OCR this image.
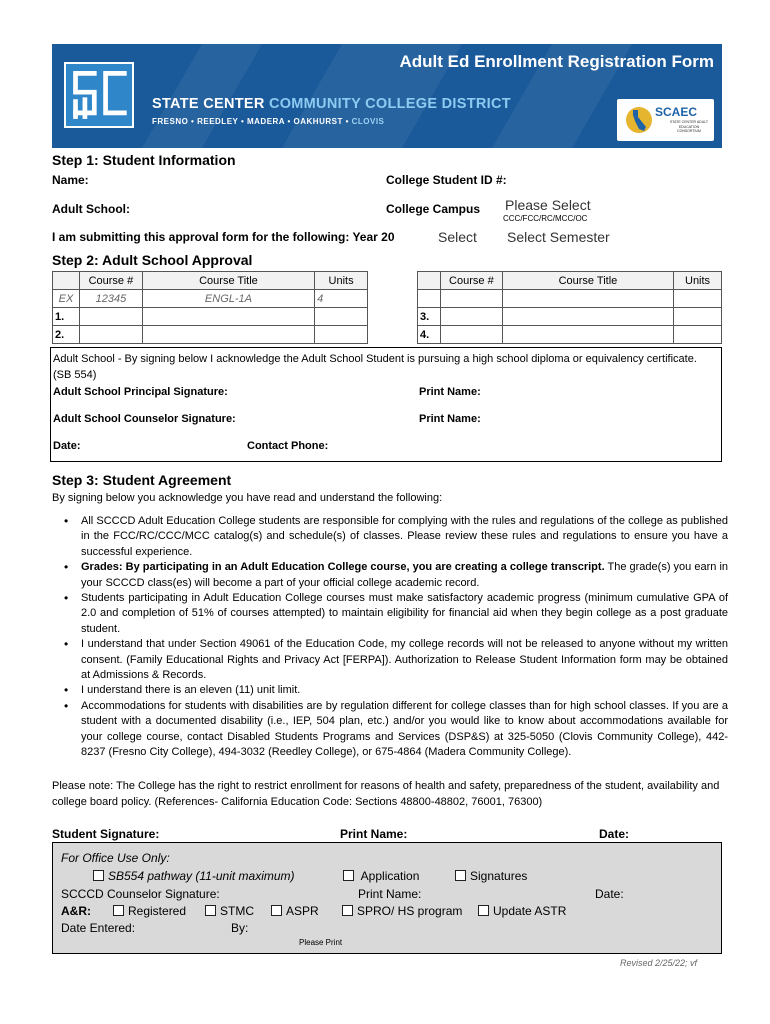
Adult Ed Enrollment Registration Form
STATE CENTER COMMUNITY COLLEGE DISTRICT
FRESNO • REEDLEY • MADERA • OAKHURST • CLOVIS
SCAEC
STATE CENTER ADULT EDUCATION CONSORTIUM
Step 1: Student Information
Name:	College Student ID #:
Adult School:	College Campus Please Select
CCC/FCC/RC/MCC/OC
I am submitting this approval form for the following: Year 20	Select	Select Semester
Step 2: Adult School Approval
	Course #	Course Title	Units
EX	12345	ENGL-1A	4
1.			
2.			
	Course #	Course Title	Units

3.			
4.			
Adult School - By signing below I acknowledge the Adult School Student is pursuing a high school diploma or equivalency certificate. (SB 554)
Adult School Principal Signature:	Print Name:
Adult School Counselor Signature:	Print Name:
Date:	Contact Phone:
Step 3: Student Agreement
By signing below you acknowledge you have read and understand the following:
• All SCCCD Adult Education College students are responsible for complying with the rules and regulations of the college as published in the FCC/RC/CCC/MCC catalog(s) and schedule(s) of classes. Please review these rules and regulations to ensure you have a successful experience.
• Grades: By participating in an Adult Education College course, you are creating a college transcript. The grade(s) you earn in your SCCCD class(es) will become a part of your official college academic record.
• Students participating in Adult Education College courses must make satisfactory academic progress (minimum cumulative GPA of 2.0 and completion of 51% of courses attempted) to maintain eligibility for financial aid when they begin college as a post graduate student.
• I understand that under Section 49061 of the Education Code, my college records will not be released to anyone without my written consent. (Family Educational Rights and Privacy Act [FERPA]). Authorization to Release Student Information form may be obtained at Admissions & Records.
• I understand there is an eleven (11) unit limit.
• Accommodations for students with disabilities are by regulation different for college classes than for high school classes. If you are a student with a documented disability (i.e., IEP, 504 plan, etc.) and/or you would like to know about accommodations available for your college course, contact Disabled Students Programs and Services (DSP&S) at 325-5050 (Clovis Community College), 442-8237 (Fresno City College), 494-3032 (Reedley College), or 675-4864 (Madera Community College).
Please note: The College has the right to restrict enrollment for reasons of health and safety, preparedness of the student, availability and college board policy. (References- California Education Code: Sections 48800-48802, 76001, 76300)
Student Signature:	Print Name:	Date:
For Office Use Only:
SB554 pathway (11-unit maximum)	Application	Signatures
SCCCD Counselor Signature:	Print Name:	Date:
A&R:	Registered	STMC	ASPR	SPRO/ HS program	Update ASTR
Date Entered:	By:
Please Print
Revised 2/25/22; vf
